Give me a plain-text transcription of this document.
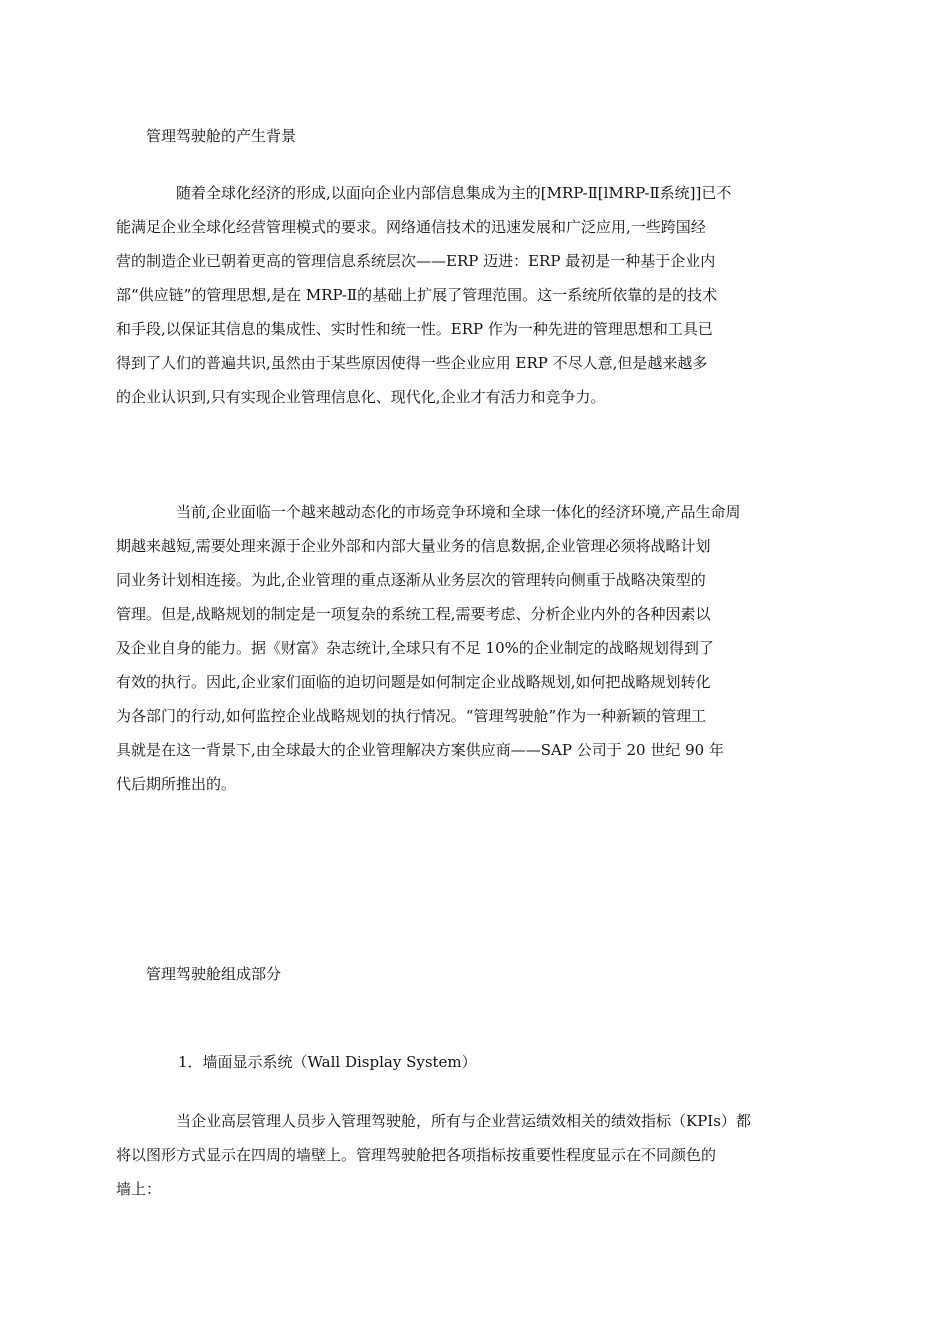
管理驾驶舱的产生背景

随着全球化经济的形成,以面向企业内部信息集成为主的[MRP-Ⅱ[lMRP-Ⅱ系统]]已不
能满足企业全球化经营管理模式的要求。网络通信技术的迅速发展和广泛应用,一些跨国经
营的制造企业已朝着更高的管理信息系统层次——ERP 迈进：ERP 最初是一种基于企业内
部“供应链”的管理思想,是在 MRP-Ⅱ的基础上扩展了管理范围。这一系统所依靠的是的技术
和手段,以保证其信息的集成性、实时性和统一性。ERP 作为一种先进的管理思想和工具已
得到了人们的普遍共识,虽然由于某些原因使得一些企业应用 ERP 不尽人意,但是越来越多
的企业认识到,只有实现企业管理信息化、现代化,企业才有活力和竞争力。

当前,企业面临一个越来越动态化的市场竞争环境和全球一体化的经济环境,产品生命周
期越来越短,需要处理来源于企业外部和内部大量业务的信息数据,企业管理必须将战略计划
同业务计划相连接。为此,企业管理的重点逐渐从业务层次的管理转向侧重于战略决策型的
管理。但是,战略规划的制定是一项复杂的系统工程,需要考虑、分析企业内外的各种因素以
及企业自身的能力。据《财富》杂志统计,全球只有不足 10%的企业制定的战略规划得到了
有效的执行。因此,企业家们面临的迫切问题是如何制定企业战略规划,如何把战略规划转化
为各部门的行动,如何监控企业战略规划的执行情况。“管理驾驶舱”作为一种新颖的管理工
具就是在这一背景下,由全球最大的企业管理解决方案供应商——SAP 公司于 20 世纪 90 年
代后期所推出的。

管理驾驶舱组成部分
1．墙面显示系统（Wall Display System）

当企业高层管理人员步入管理驾驶舱，所有与企业营运绩效相关的绩效指标（KPIs）都
将以图形方式显示在四周的墙壁上。管理驾驶舱把各项指标按重要性程度显示在不同颜色的
墙上：
